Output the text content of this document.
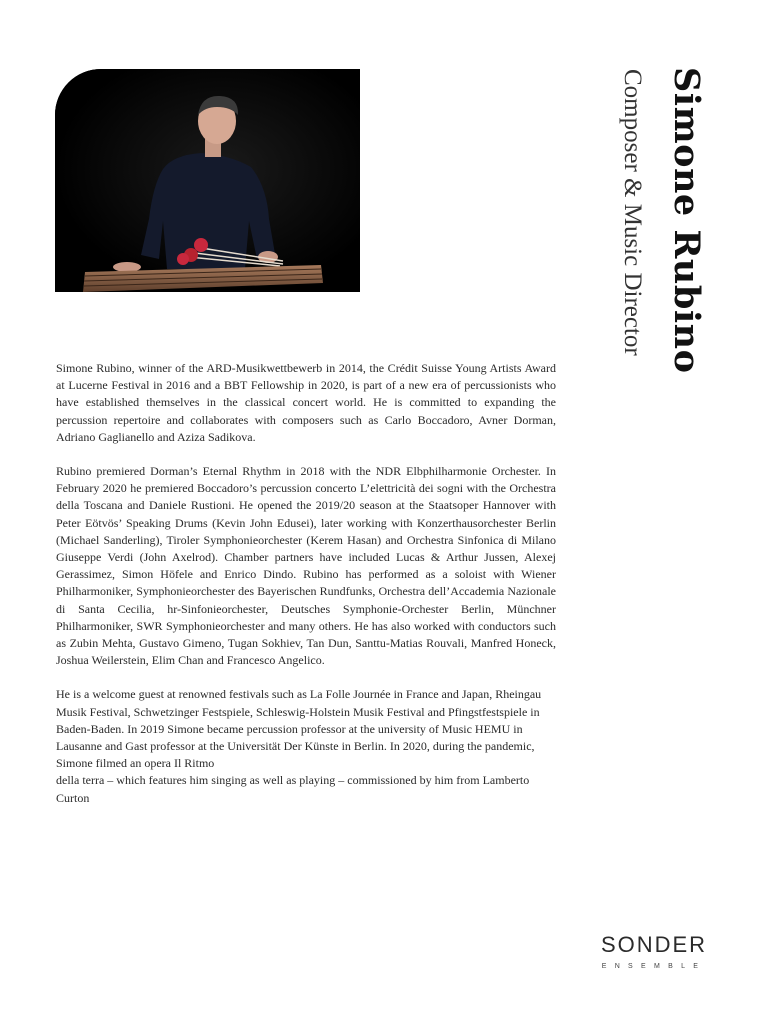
Simone Rubino
Composer & Music Director

Simone Rubino, winner of the ARD-Musikwettbewerb in 2014, the Crédit Suisse Young Artists Award at Lucerne Festival in 2016 and a BBT Fellowship in 2020, is part of a new era of percussionists who have established themselves in the classical concert world. He is committed to expanding the percussion repertoire and collaborates with composers such as Carlo Boccadoro, Avner Dorman, Adriano Gaglianello and Aziza Sadikova.

Rubino premiered Dorman’s Eternal Rhythm in 2018 with the NDR Elbphilharmonie Orchester. In February 2020 he premiered Boccadoro’s percussion concerto L’elettricità dei sogni with the Orchestra della Toscana and Daniele Rustioni. He opened the 2019/20 season at the Staatsoper Hannover with Peter Eötvös’ Speaking Drums (Kevin John Edusei), later working with Konzerthausorchester Berlin (Michael Sanderling), Tiroler Symphonieorchester (Kerem Hasan) and Orchestra Sinfonica di Milano Giuseppe Verdi (John Axelrod). Chamber partners have included Lucas & Arthur Jussen, Alexej Gerassimez, Simon Höfele and Enrico Dindo. Rubino has performed as a soloist with Wiener Philharmoniker, Symphonieorchester des Bayerischen Rundfunks, Orchestra dell’Accademia Nazionale di Santa Cecilia, hr-Sinfonieorchester, Deutsches Symphonie-Orchester Berlin, Münchner Philharmoniker, SWR Symphonieorchester and many others. He has also worked with conductors such as Zubin Mehta, Gustavo Gimeno, Tugan Sokhiev, Tan Dun, Santtu-Matias Rouvali, Manfred Honeck, Joshua Weilerstein, Elim Chan and Francesco Angelico.

He is a welcome guest at renowned festivals such as La Folle Journée in France and Japan, Rheingau Musik Festival, Schwetzinger Festspiele, Schleswig-Holstein Musik Festival and Pfingstfestspiele in Baden-Baden. In 2019 Simone became percussion professor at the university of Music HEMU in Lausanne and Gast professor at the Universität Der Künste in Berlin. In 2020, during the pandemic, Simone filmed an opera Il Ritmo
della terra – which features him singing as well as playing – commissioned by him from Lamberto Curton

SONDER
ENSEMBLE
